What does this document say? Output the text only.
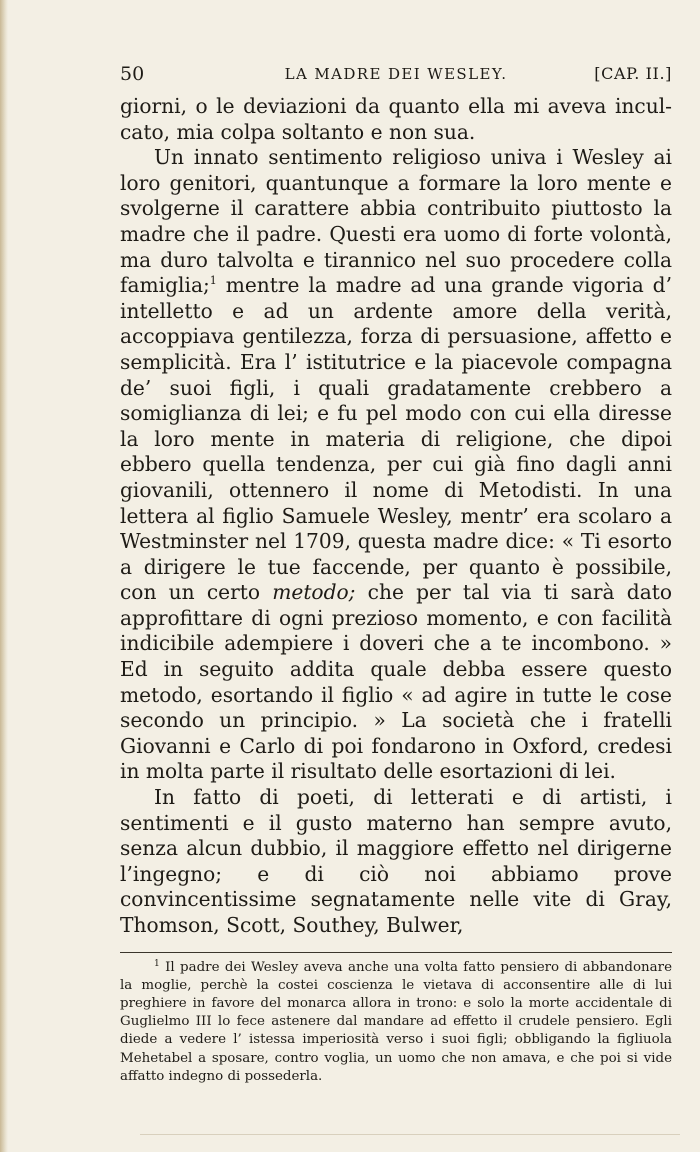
50	LA MADRE DEI WESLEY.	[CAP. II.]

giorni, o le deviazioni da quanto ella mi aveva inculcato, mia colpa soltanto e non sua.

Un innato sentimento religioso univa i Wesley ai loro genitori, quantunque a formare la loro mente e svolgerne il carattere abbia contribuito piuttosto la madre che il padre. Questi era uomo di forte volontà, ma duro talvolta e tirannico nel suo procedere colla famiglia;$^1$ mentre la madre ad una grande vigoria d’ intelletto e ad un ardente amore della verità, accoppiava gentilezza, forza di persuasione, affetto e semplicità. Era l’ istitutrice e la piacevole compagna de’ suoi figli, i quali gradatamente crebbero a somiglianza di lei; e fu pel modo con cui ella diresse la loro mente in materia di religione, che dipoi ebbero quella tendenza, per cui già fino dagli anni giovanili, ottennero il nome di Metodisti. In una lettera al figlio Samuele Wesley, mentr’ era scolaro a Westminster nel 1709, questa madre dice: « Ti esorto a dirigere le tue faccende, per quanto è possibile, con un certo metodo; che per tal via ti sarà dato approfittare di ogni prezioso momento, e con facilità indicibile adempiere i doveri che a te incombono. » Ed in seguito addita quale debba essere questo metodo, esortando il figlio « ad agire in tutte le cose secondo un principio. » La società che i fratelli Giovanni e Carlo di poi fondarono in Oxford, credesi in molta parte il risultato delle esortazioni di lei.

In fatto di poeti, di letterati e di artisti, i sentimenti e il gusto materno han sempre avuto, senza alcun dubbio, il maggiore effetto nel dirigerne l’ingegno; e di ciò noi abbiamo prove convincentissime segnatamente nelle vite di Gray, Thomson, Scott, Southey, Bulwer,

$^1$ Il padre dei Wesley aveva anche una volta fatto pensiero di abbandonare la moglie, perchè la costei coscienza le vietava di acconsentire alle di lui preghiere in favore del monarca allora in trono: e solo la morte accidentale di Guglielmo III lo fece astenere dal mandare ad effetto il crudele pensiero. Egli diede a vedere l’ istessa imperiosità verso i suoi figli; obbligando la figliuola Mehetabel a sposare, contro voglia, un uomo che non amava, e che poi si vide affatto indegno di possederla.
